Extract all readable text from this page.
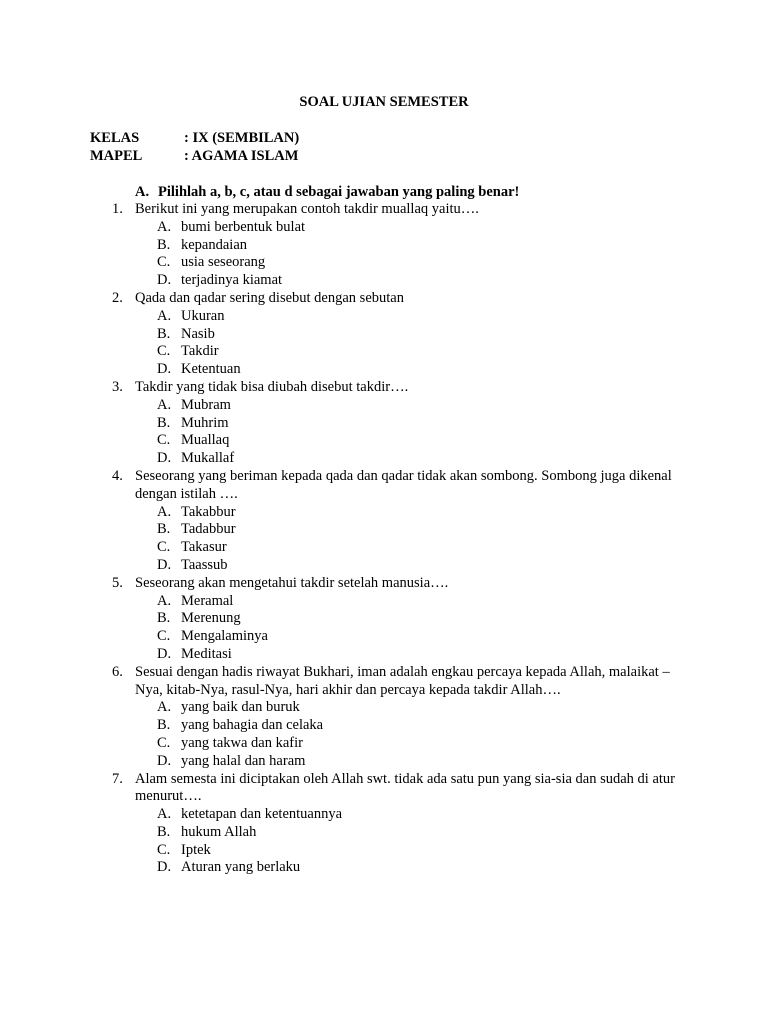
SOAL UJIAN SEMESTER
KELAS	: IX (SEMBILAN)
MAPEL	: AGAMA ISLAM
A. Pilihlah a, b, c, atau d sebagai jawaban yang paling benar!
1. Berikut ini yang merupakan contoh takdir muallaq yaitu….
A. bumi berbentuk bulat
B. kepandaian
C. usia seseorang
D. terjadinya kiamat
2. Qada dan qadar sering disebut dengan sebutan
A. Ukuran
B. Nasib
C. Takdir
D. Ketentuan
3. Takdir yang tidak bisa diubah disebut takdir….
A. Mubram
B. Muhrim
C. Muallaq
D. Mukallaf
4. Seseorang yang beriman kepada qada dan qadar tidak akan sombong. Sombong juga dikenal dengan istilah ….
A. Takabbur
B. Tadabbur
C. Takasur
D. Taassub
5. Seseorang akan mengetahui takdir setelah manusia….
A. Meramal
B. Merenung
C. Mengalaminya
D. Meditasi
6. Sesuai dengan hadis riwayat Bukhari, iman adalah engkau percaya kepada Allah, malaikat –Nya, kitab-Nya, rasul-Nya, hari akhir dan percaya kepada takdir Allah….
A. yang baik dan buruk
B. yang bahagia dan celaka
C. yang takwa dan kafir
D. yang halal dan haram
7. Alam semesta ini diciptakan oleh Allah swt. tidak ada satu pun yang sia-sia dan sudah di atur menurut….
A. ketetapan dan ketentuannya
B. hukum Allah
C. Iptek
D. Aturan yang berlaku
